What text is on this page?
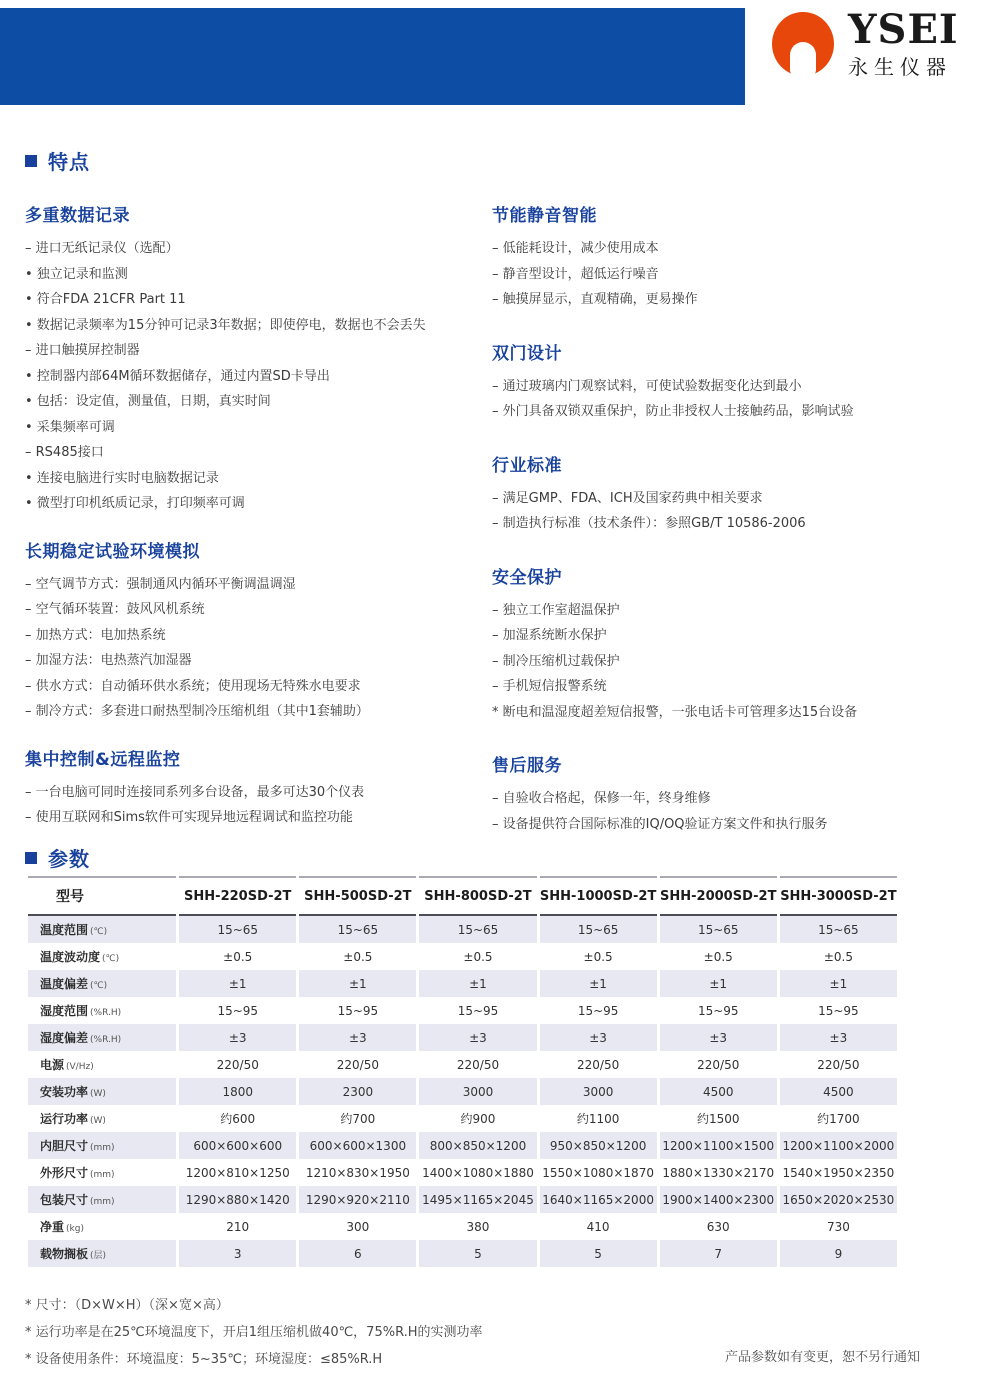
YSEI
永生仪器
特点
多重数据记录
– 进口无纸记录仪（选配）
• 独立记录和监测
• 符合FDA 21CFR Part 11
• 数据记录频率为15分钟可记录3年数据；即使停电，数据也不会丢失
– 进口触摸屏控制器
• 控制器内部64M循环数据储存，通过内置SD卡导出
• 包括：设定值，测量值，日期，真实时间
• 采集频率可调
– RS485接口
• 连接电脑进行实时电脑数据记录
• 微型打印机纸质记录，打印频率可调
长期稳定试验环境模拟
– 空气调节方式：强制通风内循环平衡调温调湿
– 空气循环装置：鼓风风机系统
– 加热方式：电加热系统
– 加湿方法：电热蒸汽加湿器
– 供水方式：自动循环供水系统；使用现场无特殊水电要求
– 制冷方式：多套进口耐热型制冷压缩机组（其中1套辅助）
集中控制&远程监控
– 一台电脑可同时连接同系列多台设备，最多可达30个仪表
– 使用互联网和Sims软件可实现异地远程调试和监控功能
节能静音智能
– 低能耗设计，减少使用成本
– 静音型设计，超低运行噪音
– 触摸屏显示，直观精确，更易操作
双门设计
– 通过玻璃内门观察试料，可使试验数据变化达到最小
– 外门具备双锁双重保护，防止非授权人士接触药品，影响试验
行业标准
– 满足GMP、FDA、ICH及国家药典中相关要求
– 制造执行标准（技术条件）：参照GB/T 10586-2006
安全保护
– 独立工作室超温保护
– 加湿系统断水保护
– 制冷压缩机过载保护
– 手机短信报警系统
* 断电和温湿度超差短信报警，一张电话卡可管理多达15台设备
售后服务
– 自验收合格起，保修一年，终身维修
– 设备提供符合国际标准的IQ/OQ验证方案文件和执行服务
参数
型号	SHH-220SD-2T	SHH-500SD-2T	SHH-800SD-2T	SHH-1000SD-2T	SHH-2000SD-2T	SHH-3000SD-2T
温度范围 (℃)	15~65	15~65	15~65	15~65	15~65	15~65
温度波动度 (℃)	±0.5	±0.5	±0.5	±0.5	±0.5	±0.5
温度偏差 (℃)	±1	±1	±1	±1	±1	±1
湿度范围 (%R.H)	15~95	15~95	15~95	15~95	15~95	15~95
湿度偏差 (%R.H)	±3	±3	±3	±3	±3	±3
电源 (V/Hz)	220/50	220/50	220/50	220/50	220/50	220/50
安装功率 (W)	1800	2300	3000	3000	4500	4500
运行功率 (W)	约600	约700	约900	约1100	约1500	约1700
内胆尺寸 (mm)	600×600×600	600×600×1300	800×850×1200	950×850×1200	1200×1100×1500	1200×1100×2000
外形尺寸 (mm)	1200×810×1250	1210×830×1950	1400×1080×1880	1550×1080×1870	1880×1330×2170	1540×1950×2350
包装尺寸 (mm)	1290×880×1420	1290×920×2110	1495×1165×2045	1640×1165×2000	1900×1400×2300	1650×2020×2530
净重 (kg)	210	300	380	410	630	730
载物搁板 (层)	3	6	5	5	7	9
* 尺寸：（D×W×H）（深×宽×高）
* 运行功率是在25℃环境温度下，开启1组压缩机做40℃，75%R.H的实测功率
* 设备使用条件：环境温度：5~35℃；环境湿度：≤85%R.H	产品参数如有变更，恕不另行通知
